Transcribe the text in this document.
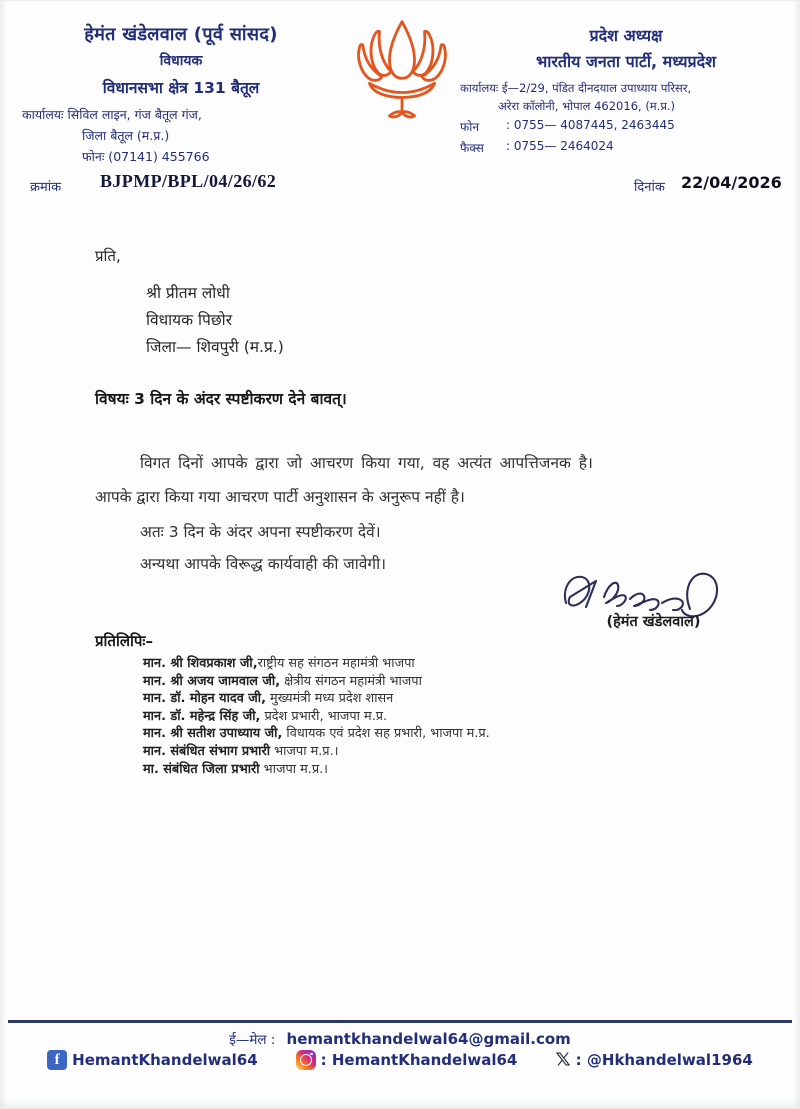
हेमंत खंडेलवाल (पूर्व सांसद)
विधायक
विधानसभा क्षेत्र 131 बैतूल
कार्यालयः सिविल लाइन, गंज बैतूल गंज,
जिला बैतूल (म.प्र.)
फोनः (07141) 455766
प्रदेश अध्यक्ष
भारतीय जनता पार्टी, मध्यप्रदेश
कार्यालयः ई—2/29, पंडित दीनदयाल उपाध्याय परिसर,
अरेरा कॉलोनी, भोपाल 462016, (म.प्र.)
फोन	: 0755— 4087445, 2463445
फैक्स	: 0755— 2464024
क्रमांक BJPMP/BPL/04/26/62	दिनांक 22/04/2026
प्रति,
श्री प्रीतम लोधी
विधायक पिछोर
जिला— शिवपुरी (म.प्र.)
विषयः 3 दिन के अंदर स्पष्टीकरण देने बावत्।
विगत दिनों आपके द्वारा जो आचरण किया गया, वह अत्यंत आपत्तिजनक है।
आपके द्वारा किया गया आचरण पार्टी अनुशासन के अनुरूप नहीं है।
अतः 3 दिन के अंदर अपना स्पष्टीकरण देवें।
अन्यथा आपके विरूद्ध कार्यवाही की जावेगी।
(हेमंत खंडेलवाल)
प्रतिलिपिः–
मान. श्री शिवप्रकाश जी,राष्ट्रीय सह संगठन महामंत्री भाजपा
मान. श्री अजय जामवाल जी, क्षेत्रीय संगठन महामंत्री भाजपा
मान. डॉ. मोहन यादव जी, मुख्यमंत्री मध्य प्रदेश शासन
मान. डॉ. महेन्द्र सिंह जी, प्रदेश प्रभारी, भाजपा म.प्र.
मान. श्री सतीश उपाध्याय जी, विधायक एवं प्रदेश सह प्रभारी, भाजपा म.प्र.
मान. संबंधित संभाग प्रभारी भाजपा म.प्र.।
मा. संबंधित जिला प्रभारी भाजपा म.प्र.।
ई—मेल : hemantkhandelwal64@gmail.com
f HemantKhandelwal64	: HemantKhandelwal64 𝕏 : @Hkhandelwal1964
